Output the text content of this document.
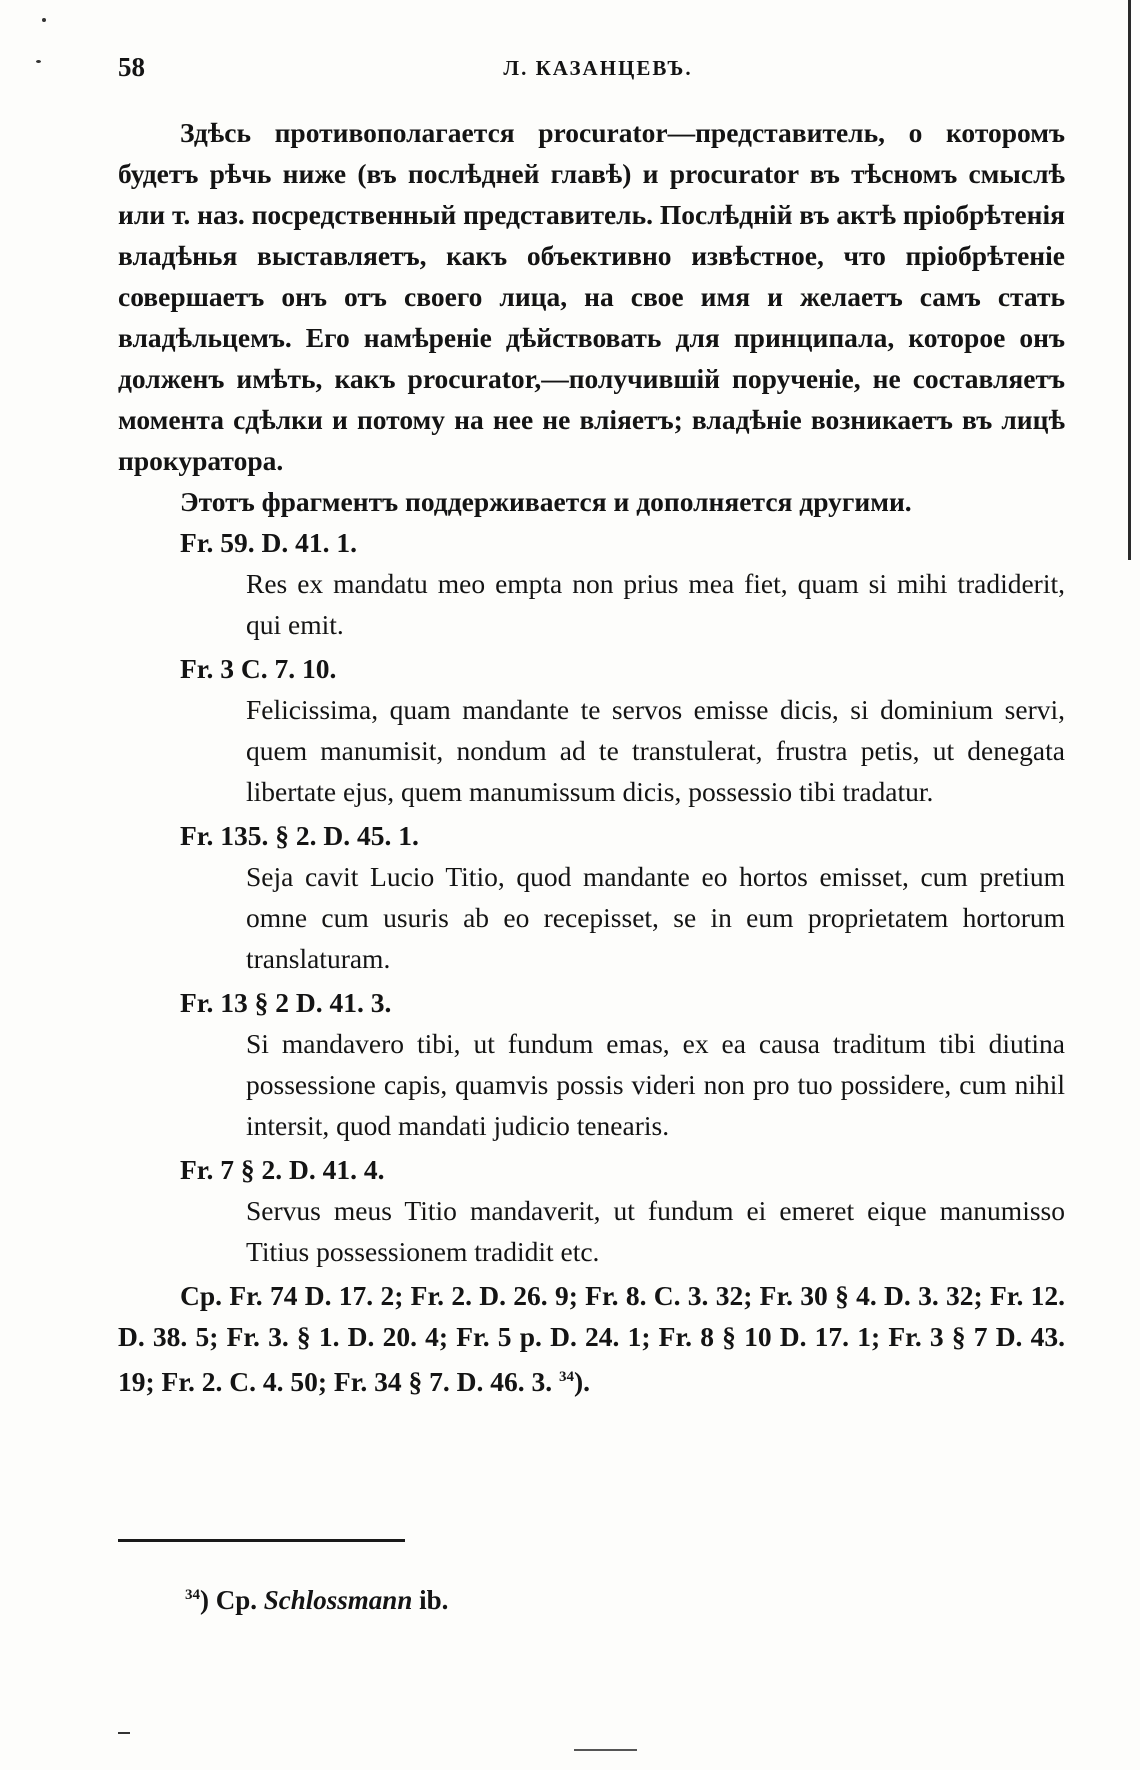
58	Л. КАЗАНЦЕВЪ.

Здѣсь противополагается procurator—представитель, о которомъ будетъ рѣчь ниже (въ послѣдней главѣ) и procurator въ тѣсномъ смыслѣ или т. наз. посредственный представитель. Послѣднiй въ актѣ прiобрѣтенiя владѣнья выставляетъ, какъ объективно извѣстное, что прiобрѣтенiе совершаетъ онъ отъ своего лица, на свое имя и желаетъ самъ стать владѣльцемъ. Его намѣренiе дѣйствовать для принципала, которое онъ долженъ имѣть, какъ procurator,—получившiй порученiе, не составляетъ момента сдѣлки и потому на нее не влiяетъ; владѣнiе возникаетъ въ лицѣ прокуратора.

Этотъ фрагментъ поддерживается и дополняется другими.

Fr. 59. D. 41. 1.

Res ex mandatu meo empta non prius mea fiet, quam si mihi tradiderit, qui emit.

Fr. 3 C. 7. 10.

Felicissima, quam mandante te servos emisse dicis, si dominium servi, quem manumisit, nondum ad te transtulerat, frustra petis, ut denegata libertate ejus, quem manumissum dicis, possessio tibi tradatur.

Fr. 135. § 2. D. 45. 1.

Seja cavit Lucio Titio, quod mandante eo hortos emisset, cum pretium omne cum usuris ab eo recepisset, se in eum proprietatem hortorum translaturam.

Fr. 13 § 2 D. 41. 3.

Si mandavero tibi, ut fundum emas, ex ea causa traditum tibi diutina possessione capis, quamvis possis videri non pro tuo possidere, cum nihil intersit, quod mandati judicio tenearis.

Fr. 7 § 2. D. 41. 4.

Servus meus Titio mandaverit, ut fundum ei emeret eique manumisso Titius possessionem tradidit etc.

Cp. Fr. 74 D. 17. 2; Fr. 2. D. 26. 9; Fr. 8. C. 3. 32; Fr. 30 § 4. D. 3. 32; Fr. 12. D. 38. 5; Fr. 3. § 1. D. 20. 4; Fr. 5 p. D. 24. 1; Fr. 8 § 10 D. 17. 1; Fr. 3 § 7 D. 43. 19; Fr. 2. C. 4. 50; Fr. 34 § 7. D. 46. 3. $^{34}$).

$^{34}$) Cp. Schlossmann ib.
